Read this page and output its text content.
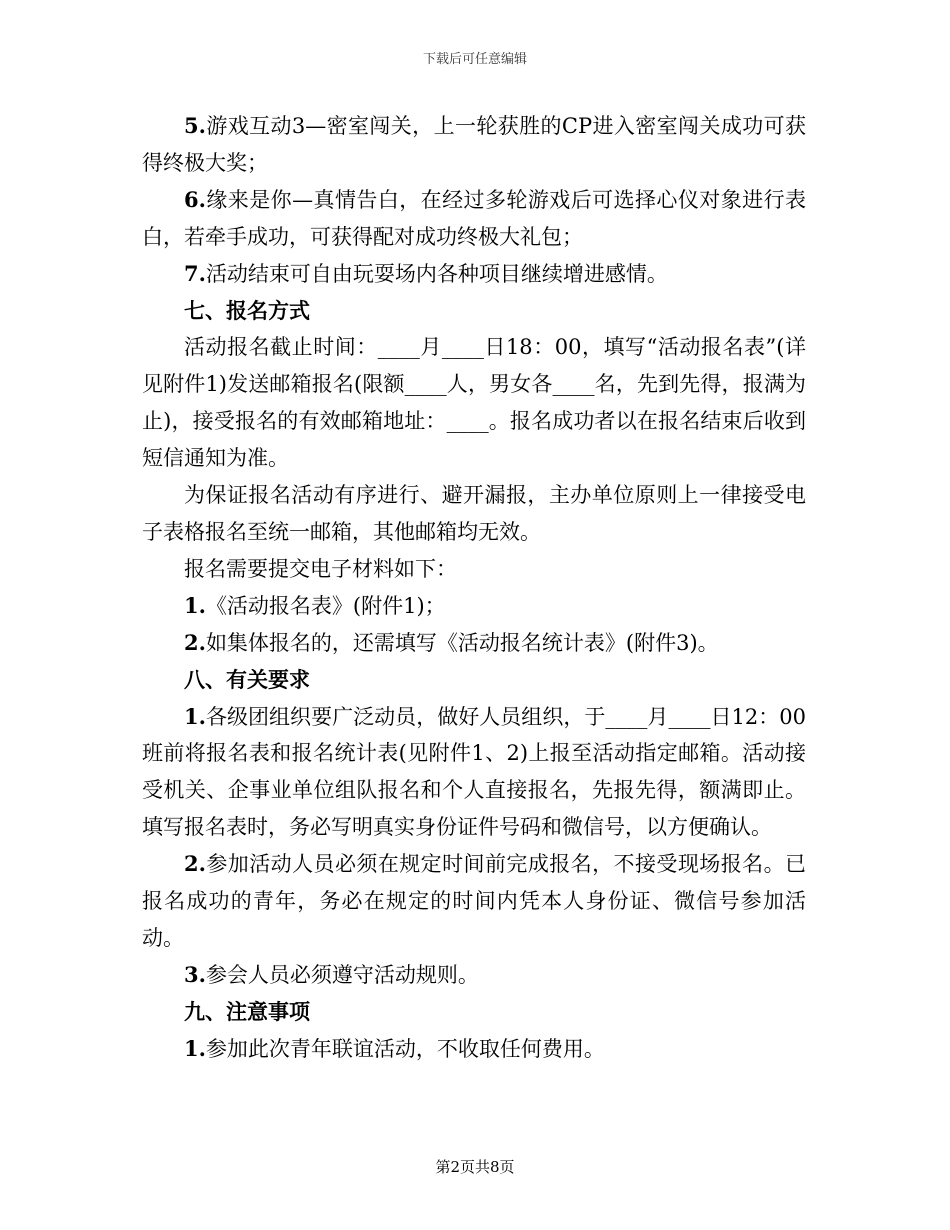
下载后可任意编辑

5.游戏互动3—密室闯关，上一轮获胜的CP进入密室闯关成功可获得终极大奖；

6.缘来是你—真情告白，在经过多轮游戏后可选择心仪对象进行表白，若牵手成功，可获得配对成功终极大礼包；

7.活动结束可自由玩耍场内各种项目继续增进感情。

七、报名方式

活动报名截止时间：____月____日18：00，填写“活动报名表”(详见附件1)发送邮箱报名(限额____人，男女各____名，先到先得，报满为止)，接受报名的有效邮箱地址：____。报名成功者以在报名结束后收到短信通知为准。

为保证报名活动有序进行、避开漏报，主办单位原则上一律接受电子表格报名至统一邮箱，其他邮箱均无效。

报名需要提交电子材料如下：

1.《活动报名表》(附件1)；

2.如集体报名的，还需填写《活动报名统计表》(附件3)。

八、有关要求

1.各级团组织要广泛动员，做好人员组织，于____月____日12：00班前将报名表和报名统计表(见附件1、2)上报至活动指定邮箱。活动接受机关、企事业单位组队报名和个人直接报名，先报先得，额满即止。填写报名表时，务必写明真实身份证件号码和微信号，以方便确认。

2.参加活动人员必须在规定时间前完成报名，不接受现场报名。已报名成功的青年，务必在规定的时间内凭本人身份证、微信号参加活动。

3.参会人员必须遵守活动规则。

九、注意事项

1.参加此次青年联谊活动，不收取任何费用。

第2页共8页
